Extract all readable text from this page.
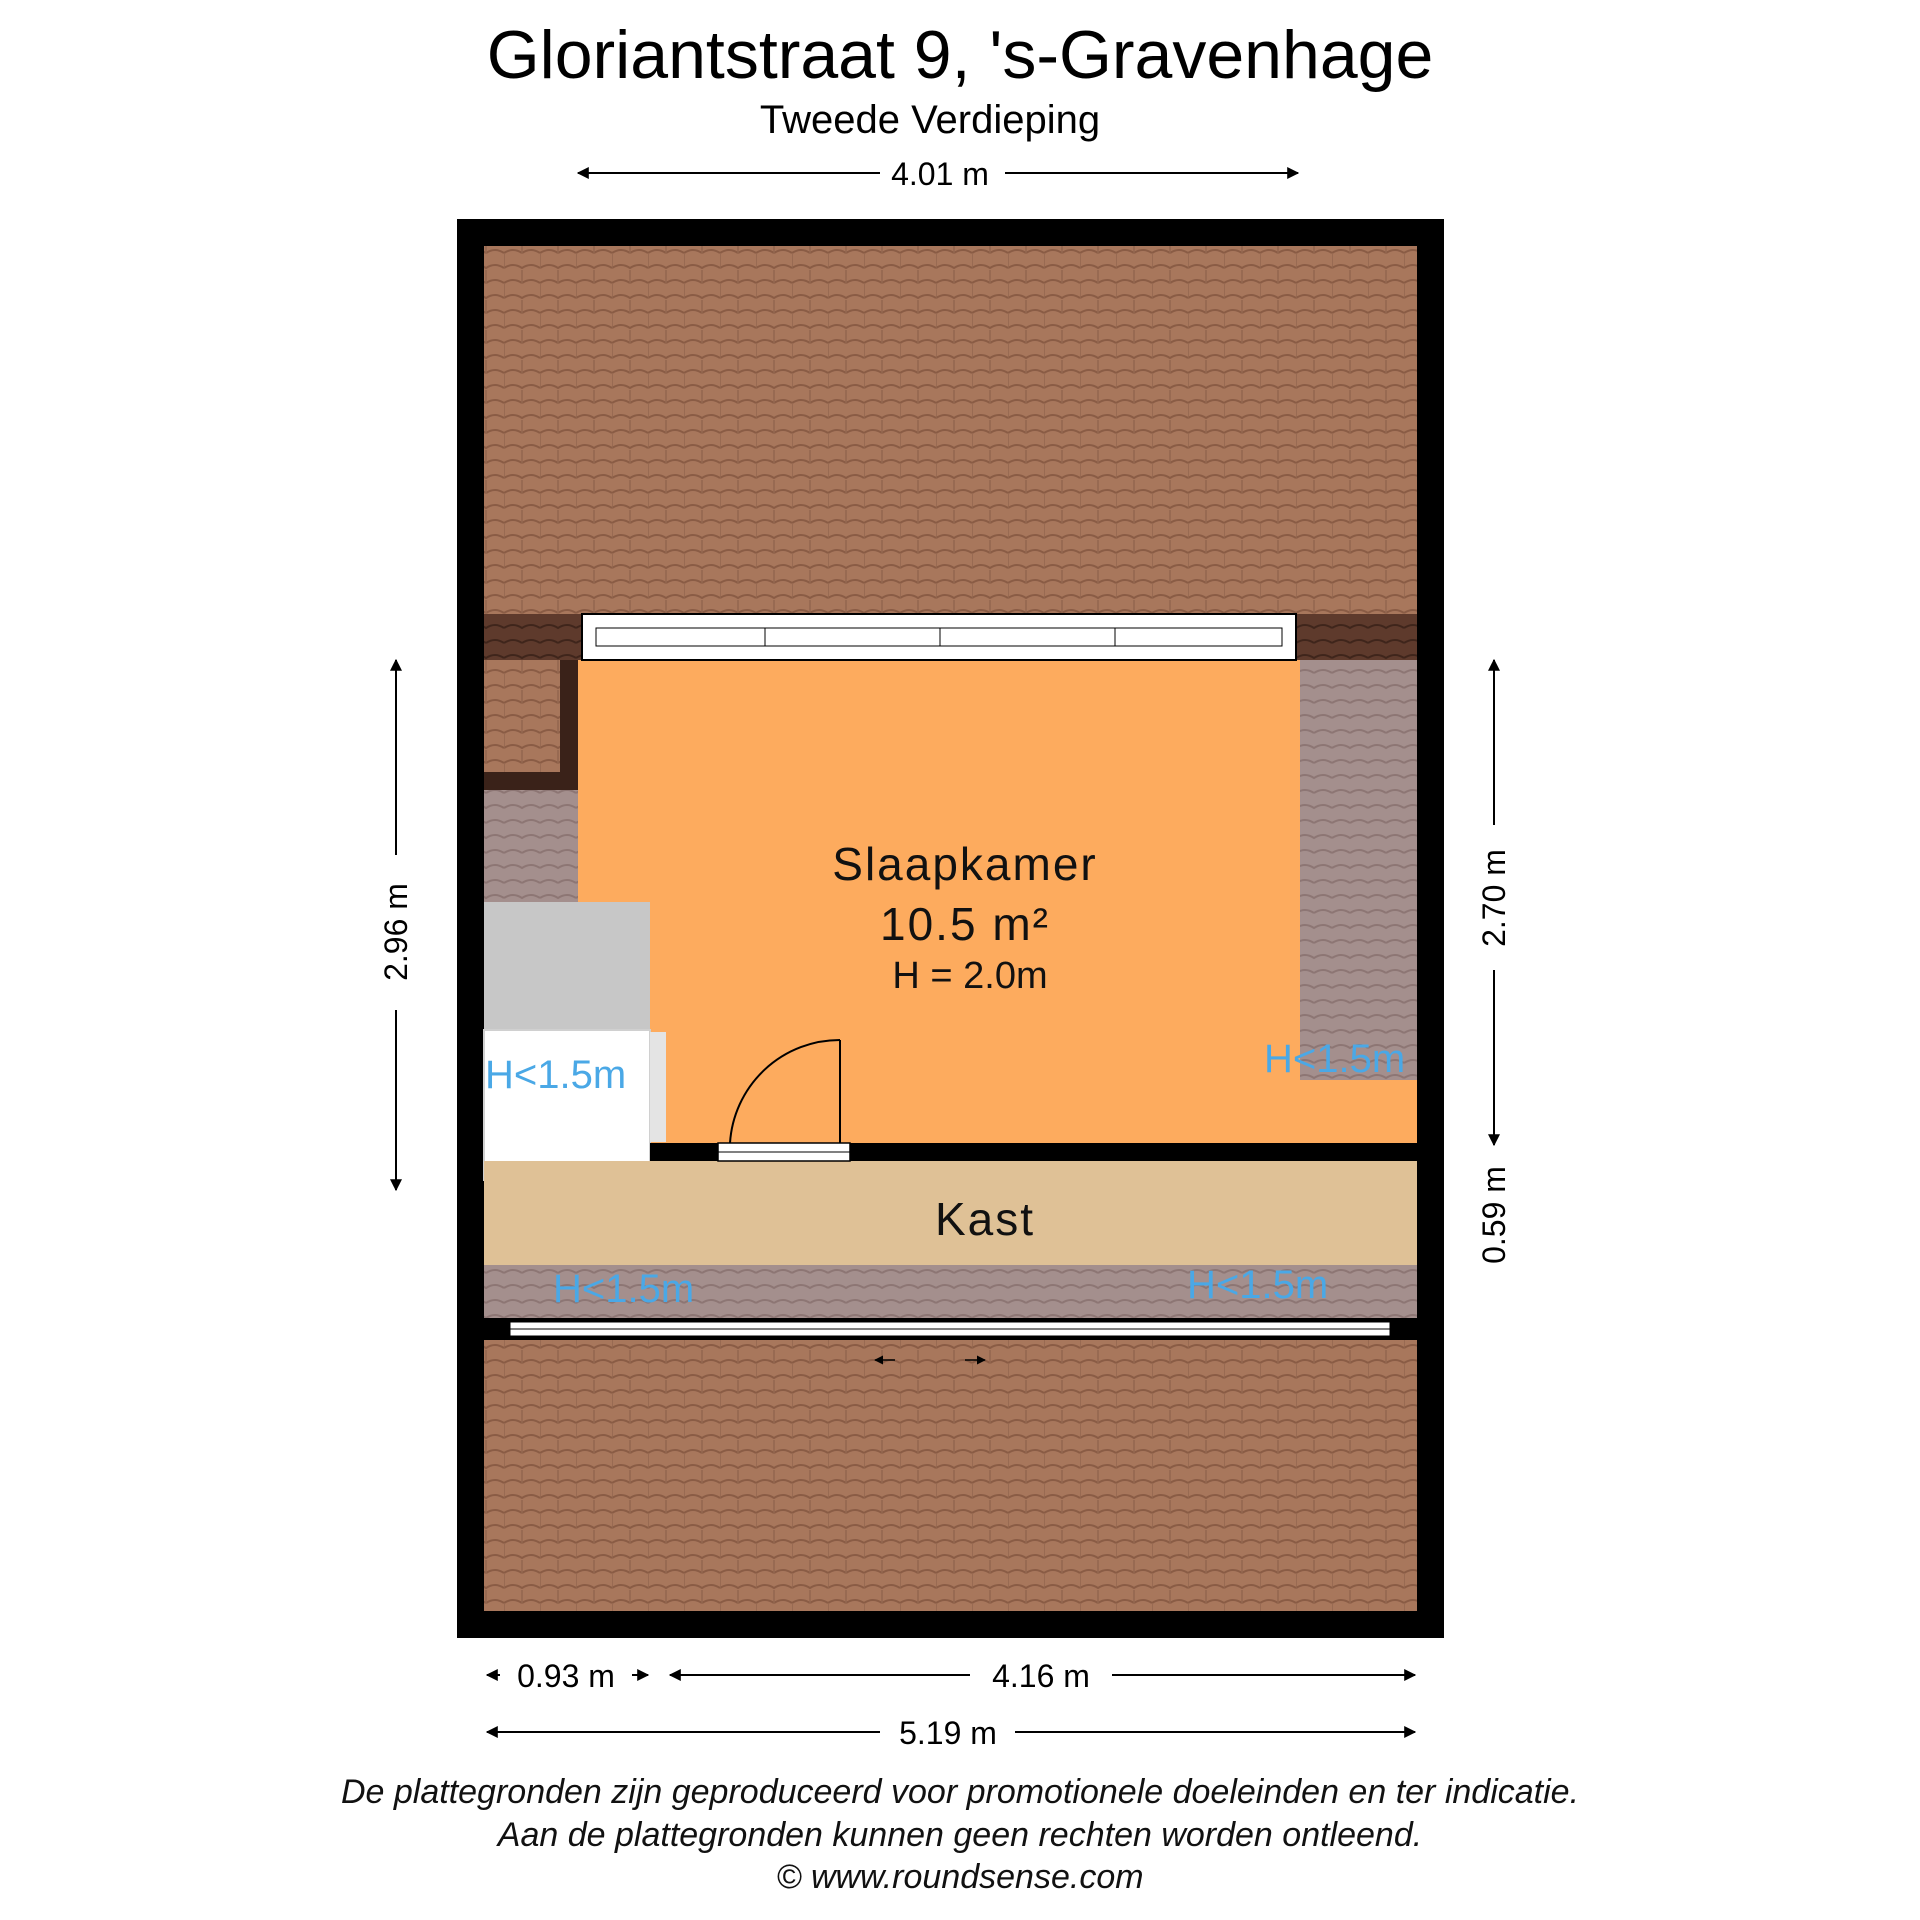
Gloriantstraat 9, 's-Gravenhage
Tweede Verdieping
4.01 m
Slaapkamer
10.5 m²
H = 2.0m
Kast
H<1.5m	H<1.5m
H<1.5m	H<1.5m
2.96 m	2.70 m
0.59 m
0.93 m	4.16 m
5.19 m
De plattegronden zijn geproduceerd voor promotionele doeleinden en ter indicatie.
Aan de plattegronden kunnen geen rechten worden ontleend.
© www.roundsense.com
